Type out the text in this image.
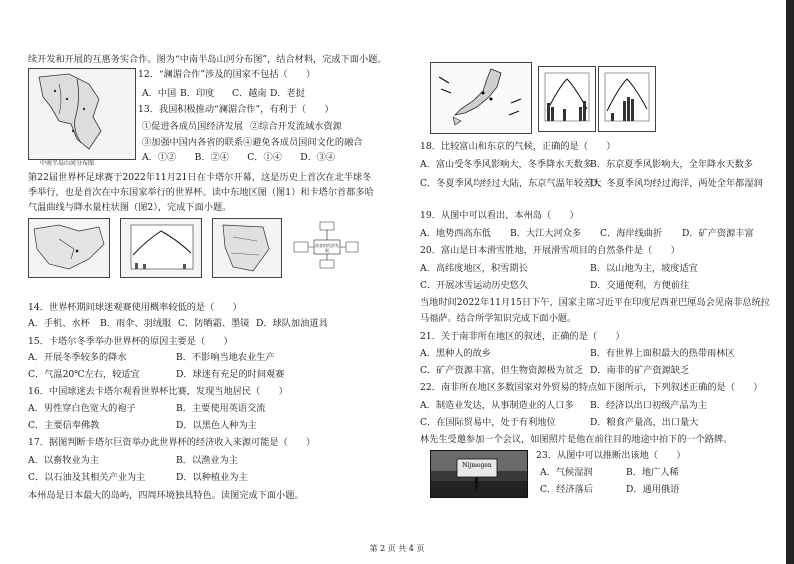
续开发和开展的互惠务实合作。图为“中南半岛山河分布图”，结合材料，完成下面小题。
中南半岛山河分布图
12．“澜湄合作”涉及的国家不包括（　　）
A．中国 B．印度 C．越南 D．老挝
13．我国积极推动“澜湄合作”，有利于（　　）
①促进各成员国经济发展 ②综合开发流域水资源
③加强中国内各省的联系④避免各成员国间文化的融合
A．①②　　B．②④　　C．①④　　D．③④
第22届世界杯足球赛于2022年11月21日在卡塔尔开幕，这是历史上首次在北半球冬
季举行，也是首次在中东国家举行的世界杯。读中东地区图（图1）和卡塔尔首都多哈
气温曲线与降水量柱状图（图2），完成下面小题。
南非的经济发展
14．世界杯期间球迷观赛使用概率较低的是（　　）
A．手机、水杯 B．雨伞、羽绒服 C．防晒霜、墨镜 D．球队加油道具
15．卡塔尔冬季举办世界杯的原因主要是（　　）
A．开展冬季较多的降水	B．不影响当地农业生产
C．气温20℃左右，较适宜	D．球迷有充足的时间观赛
16．中国球迷去卡塔尔观看世界杯比赛，发现当地居民（　　）
A．男性穿白色宽大的袍子	B．主要使用英语交流
C．主要信奉佛教	D．以黑色人种为主
17．据图判断卡塔尔巨资举办此世界杯的经济收入来源可能是（　　）
A．以畜牧业为主	B．以渔业为主
C．以石油及其相关产业为主	D．以种植业为主
本州岛是日本最大的岛屿，四周环境独具特色。读图完成下面小题。
18．比较富山和东京的气候，正确的是（　　）
A．富山受冬季风影响大，冬季降水天数多
B．东京夏季风影响大，全年降水天数多
C．冬夏季风均经过大陆，东京气温年较差大
D．冬夏季风均经过海洋，两处全年都湿润
19．从图中可以看出，本州岛（　　）
A．地势西高东低 B．大江大河众多 C．海岸线曲折 D．矿产资源丰富
20．富山是日本滑雪胜地，开展滑雪项目的自然条件是（　　）
A．高纬度地区，积雪期长	B．以山地为主，坡度适宜
C．开展冰雪运动历史悠久	D．交通便利，方便前往
当地时间2022年11月15日下午，国家主席习近平在印度尼西亚巴厘岛会见南非总统拉
马福萨。结合所学知识完成下面小题。
21．关于南非所在地区的叙述，正确的是（　　）
A．黑种人的故乡	B．有世界上面积最大的热带雨林区
C．矿产资源丰富，但生物资源极为贫乏 D．南非的矿产资源缺乏
22．南非所在地区多数国家对外贸易的特点如下图所示，下列叙述正确的是（　　）
A．制造业发达，从事制造业的人口多 B．经济以出口初级产品为主
C．在国际贸易中，处于有利地位	D．粮食产量高，出口量大
林先生受邀参加一个会议，如图照片是他在前往目的地途中拍下的一个路牌。
Nijmegen
23．从图中可以推断出该地（　　）
A．气候湿润	B．地广人稀
C．经济落后	D．通用俄语
第 2 页 共 4 页
